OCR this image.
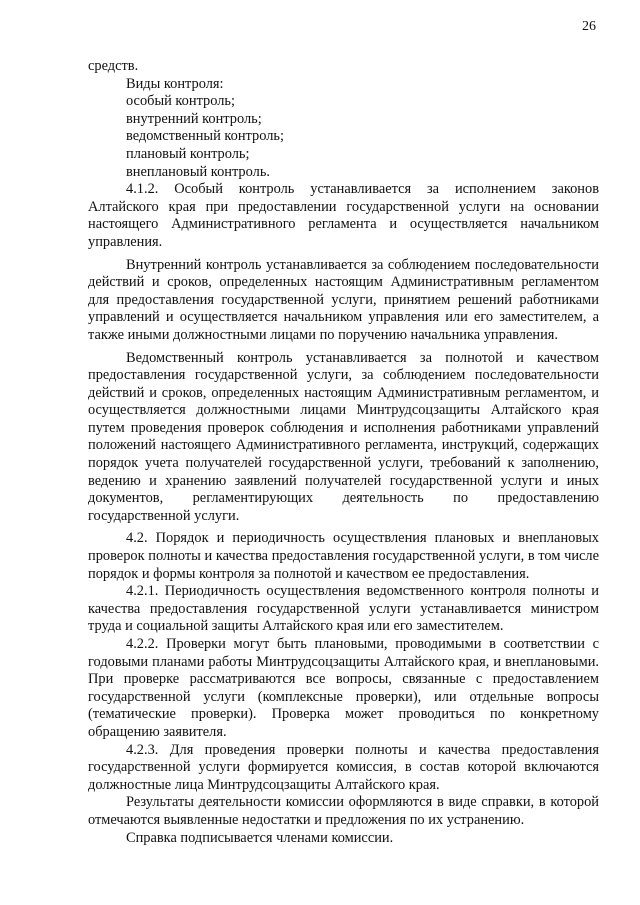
26

средств.

Виды контроля:

особый контроль;

внутренний контроль;

ведомственный контроль;

плановый контроль;

внеплановый контроль.

4.1.2. Особый контроль устанавливается за исполнением законов Алтайского края при предоставлении государственной услуги на основании настоящего Административного регламента и осуществляется начальником управления.

Внутренний контроль устанавливается за соблюдением последовательности действий и сроков, определенных настоящим Административным регламентом для предоставления государственной услуги, принятием решений работниками управлений и осуществляется начальником управления или его заместителем, а также иными должностными лицами по поручению начальника управления.

Ведомственный контроль устанавливается за полнотой и качеством предоставления государственной услуги, за соблюдением последовательности действий и сроков, определенных настоящим Административным регламентом, и осуществляется должностными лицами Минтрудсоцзащиты Алтайского края путем проведения проверок соблюдения и исполнения работниками управлений положений настоящего Административного регламента, инструкций, содержащих порядок учета получателей государственной услуги, требований к заполнению, ведению и хранению заявлений получателей государственной услуги и иных документов, регламентирующих деятельность по предоставлению государственной услуги.

4.2. Порядок и периодичность осуществления плановых и внеплановых проверок полноты и качества предоставления государственной услуги, в том числе порядок и формы контроля за полнотой и качеством ее предоставления.

4.2.1. Периодичность осуществления ведомственного контроля полноты и качества предоставления государственной услуги устанавливается министром труда и социальной защиты Алтайского края или его заместителем.

4.2.2. Проверки могут быть плановыми, проводимыми в соответствии с годовыми планами работы Минтрудсоцзащиты Алтайского края, и внеплановыми. При проверке рассматриваются все вопросы, связанные с предоставлением государственной услуги (комплексные проверки), или отдельные вопросы (тематические проверки). Проверка может проводиться по конкретному обращению заявителя.

4.2.3. Для проведения проверки полноты и качества предоставления государственной услуги формируется комиссия, в состав которой включаются должностные лица Минтрудсоцзащиты Алтайского края.

Результаты деятельности комиссии оформляются в виде справки, в которой отмечаются выявленные недостатки и предложения по их устранению.

Справка подписывается членами комиссии.
